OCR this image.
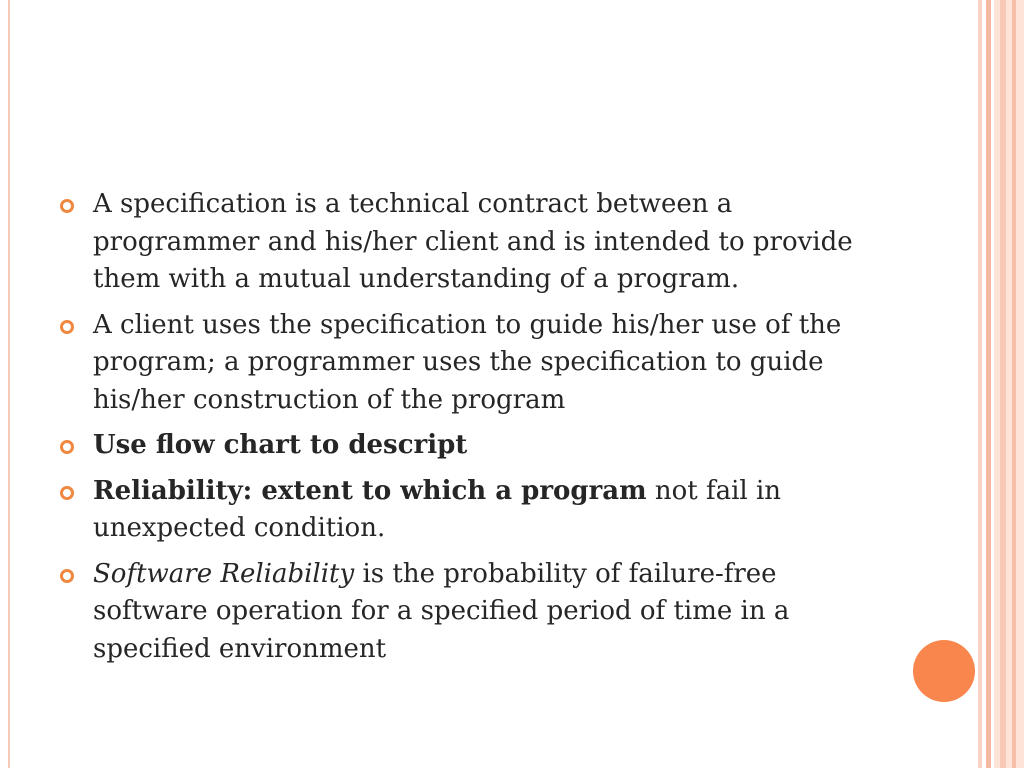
A specification is a technical contract between a programmer and his/her client and is intended to provide them with a mutual understanding of a program.
A client uses the specification to guide his/her use of the program; a programmer uses the specification to guide his/her construction of the program
Use flow chart to descript
Reliability: extent to which a program not fail in unexpected condition.
Software Reliability is the probability of failure-free software operation for a specified period of time in a specified environment
